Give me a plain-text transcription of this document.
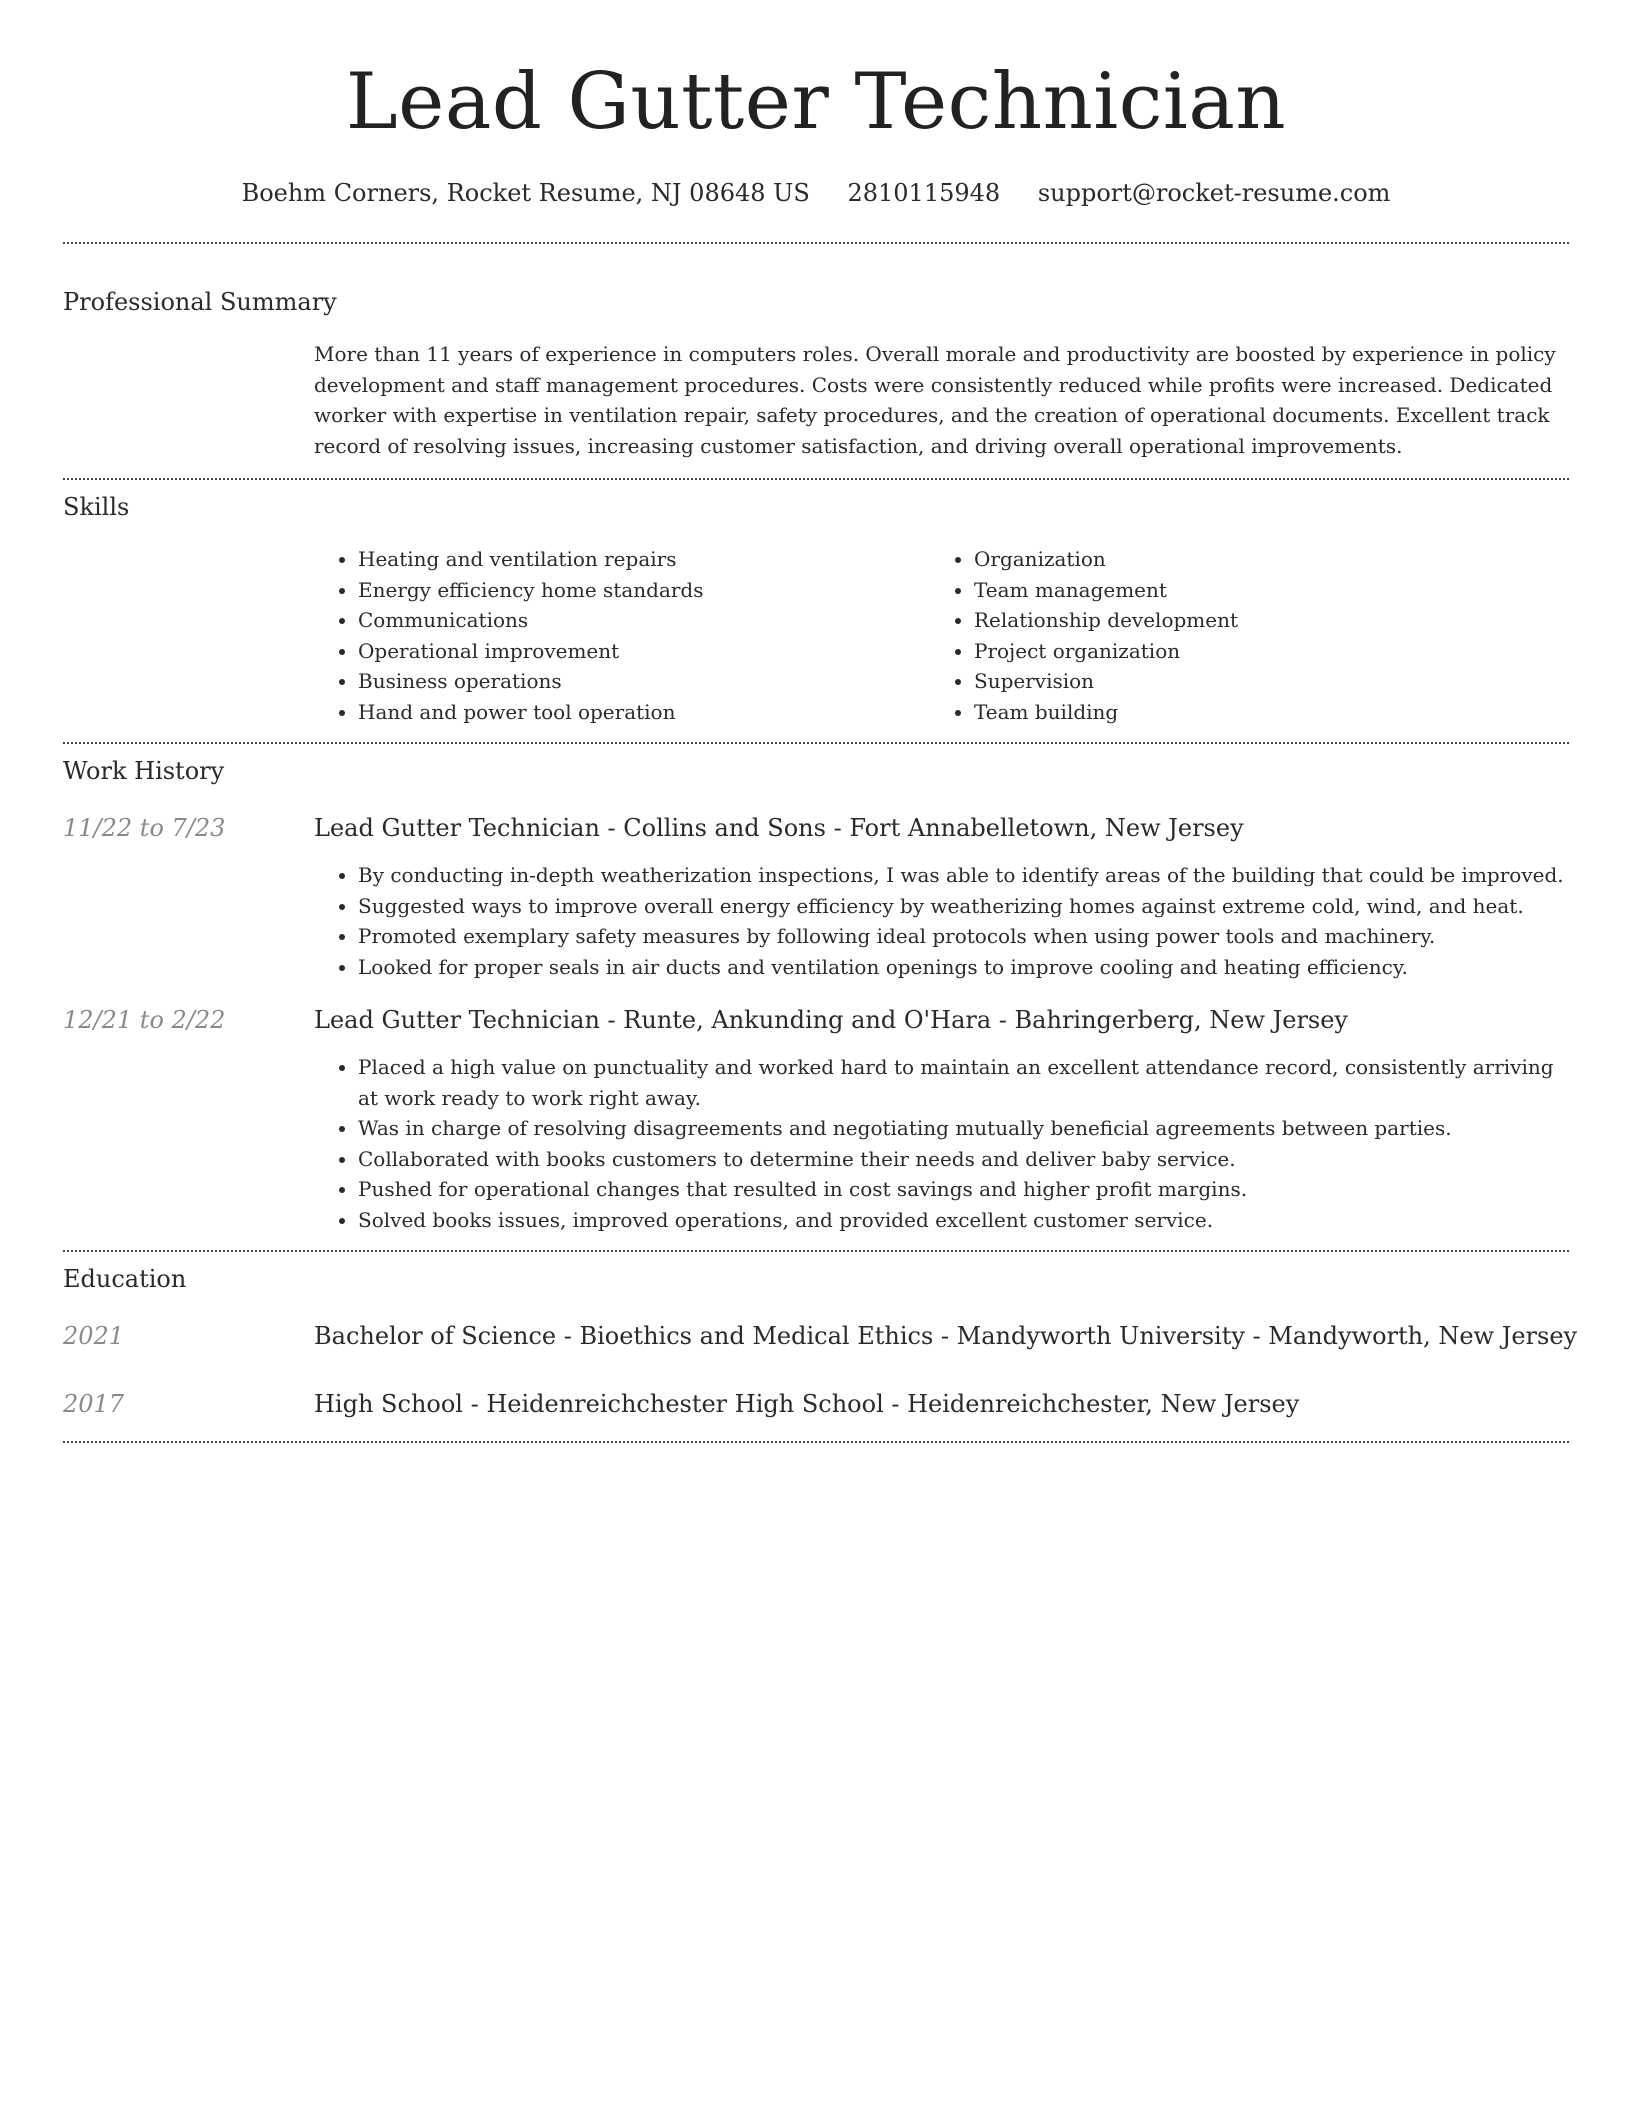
Lead Gutter Technician
Boehm Corners, Rocket Resume, NJ 08648 US 2810115948 support@rocket-resume.com
Professional Summary
More than 11 years of experience in computers roles. Overall morale and productivity are boosted by experience in policy development and staff management procedures. Costs were consistently reduced while profits were increased. Dedicated worker with expertise in ventilation repair, safety procedures, and the creation of operational documents. Excellent track record of resolving issues, increasing customer satisfaction, and driving overall operational improvements.
Skills
• Heating and ventilation repairs
• Energy efficiency home standards
• Communications
• Operational improvement
• Business operations
• Hand and power tool operation
• Organization
• Team management
• Relationship development
• Project organization
• Supervision
• Team building
Work History
11/22 to 7/23	Lead Gutter Technician - Collins and Sons - Fort Annabelletown, New Jersey
• By conducting in-depth weatherization inspections, I was able to identify areas of the building that could be improved.
• Suggested ways to improve overall energy efficiency by weatherizing homes against extreme cold, wind, and heat.
• Promoted exemplary safety measures by following ideal protocols when using power tools and machinery.
• Looked for proper seals in air ducts and ventilation openings to improve cooling and heating efficiency.
12/21 to 2/22	Lead Gutter Technician - Runte, Ankunding and O'Hara - Bahringerberg, New Jersey
• Placed a high value on punctuality and worked hard to maintain an excellent attendance record, consistently arriving at work ready to work right away.
• Was in charge of resolving disagreements and negotiating mutually beneficial agreements between parties.
• Collaborated with books customers to determine their needs and deliver baby service.
• Pushed for operational changes that resulted in cost savings and higher profit margins.
• Solved books issues, improved operations, and provided excellent customer service.
Education
2021	Bachelor of Science - Bioethics and Medical Ethics - Mandyworth University - Mandyworth, New Jersey
2017	High School - Heidenreichchester High School - Heidenreichchester, New Jersey
